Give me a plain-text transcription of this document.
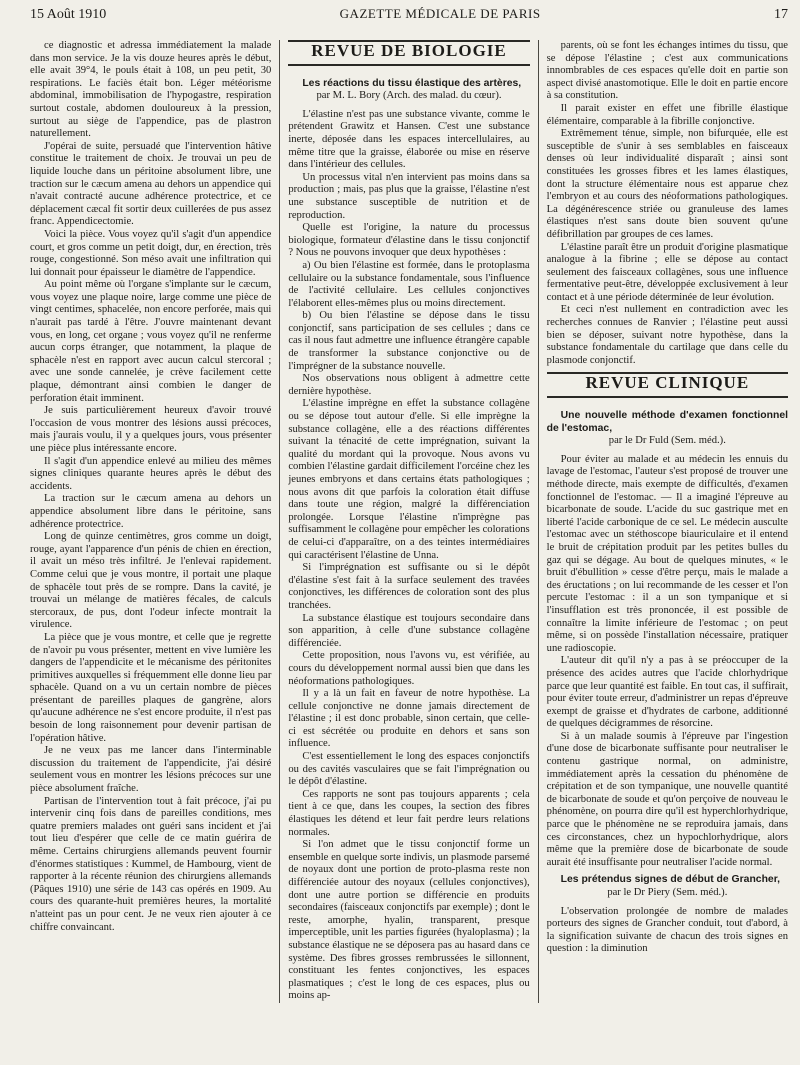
15 Août 1910	GAZETTE MÉDICALE DE PARIS	17

ce diagnostic et adressa immédiatement la malade dans mon service. Je la vis douze heures après le début, elle avait 39°4, le pouls était à 108, un peu petit, 30 respirations. Le faciès était bon. Léger météorisme abdominal, immobilisation de l'hypogastre, respiration surtout costale, abdomen douloureux à la pression, surtout au siège de l'appendice, pas de plastron naturellement.

J'opérai de suite, persuadé que l'intervention hâtive constitue le traitement de choix. Je trouvai un peu de liquide louche dans un péritoine absolument libre, une traction sur le cæcum amena au dehors un appendice qui n'avait contracté aucune adhérence protectrice, et ce déplacement cæcal fit sortir deux cuillerées de pus assez franc. Appendicectomie.

Voici la pièce. Vous voyez qu'il s'agit d'un appendice court, et gros comme un petit doigt, dur, en érection, très rouge, congestionné. Son méso avait une infiltration qui lui donnait pour épaisseur le diamètre de l'appendice.

Au point même où l'organe s'implante sur le cæcum, vous voyez une plaque noire, large comme une pièce de vingt centimes, sphacelée, non encore perforée, mais qui n'aurait pas tardé à l'être. J'ouvre maintenant devant vous, en long, cet organe ; vous voyez qu'il ne renferme aucun corps étranger, que notamment, la plaque de sphacèle n'est en rapport avec aucun calcul stercoral ; avec une sonde cannelée, je crève facilement cette plaque, démontrant ainsi combien le danger de perforation était imminent.

Je suis particulièrement heureux d'avoir trouvé l'occasion de vous montrer des lésions aussi précoces, mais j'aurais voulu, il y a quelques jours, vous présenter une pièce plus intéressante encore.

Il s'agit d'un appendice enlevé au milieu des mêmes signes cliniques quarante heures après le début des accidents.

La traction sur le cæcum amena au dehors un appendice absolument libre dans le péritoine, sans adhérence protectrice.

Long de quinze centimètres, gros comme un doigt, rouge, ayant l'apparence d'un pénis de chien en érection, il avait un méso très infiltré. Je l'enlevai rapidement. Comme celui que je vous montre, il portait une plaque de sphacèle tout près de se rompre. Dans la cavité, je trouvai un mélange de matières fécales, de calculs stercoraux, de pus, dont l'odeur infecte montrait la virulence.

La pièce que je vous montre, et celle que je regrette de n'avoir pu vous présenter, mettent en vive lumière les dangers de l'appendicite et le mécanisme des péritonites primitives auxquelles si fréquemment elle donne lieu par sphacèle. Quand on a vu un certain nombre de pièces présentant de pareilles plaques de gangrène, alors qu'aucune adhérence ne s'est encore produite, il n'est pas besoin de long raisonnement pour devenir partisan de l'opération hâtive.

Je ne veux pas me lancer dans l'interminable discussion du traitement de l'appendicite, j'ai désiré seulement vous en montrer les lésions précoces sur une pièce absolument fraîche.

Partisan de l'intervention tout à fait précoce, j'ai pu intervenir cinq fois dans de pareilles conditions, mes quatre premiers malades ont guéri sans incident et j'ai tout lieu d'espérer que celle de ce matin guérira de même. Certains chirurgiens allemands peuvent fournir d'énormes statistiques : Kummel, de Hambourg, vient de rapporter à la récente réunion des chirurgiens allemands (Pâques 1910) une série de 143 cas opérés en 1909. Au cours des quarante-huit premières heures, la mortalité n'atteint pas un pour cent. Je ne veux rien ajouter à ce chiffre convaincant.

REVUE DE BIOLOGIE

Les réactions du tissu élastique des artères,

par M. L. Bory (Arch. des malad. du cœur).

L'élastine n'est pas une substance vivante, comme le prétendent Grawitz et Hansen. C'est une substance inerte, déposée dans les espaces intercellulaires, au même titre que la graisse, élaborée ou mise en réserve dans l'intérieur des cellules.

Un processus vital n'en intervient pas moins dans sa production ; mais, pas plus que la graisse, l'élastine n'est une substance susceptible de nutrition et de reproduction.

Quelle est l'origine, la nature du processus biologique, formateur d'élastine dans le tissu conjonctif ? Nous ne pouvons invoquer que deux hypothèses :

a) Ou bien l'élastine est formée, dans le protoplasma cellulaire ou la substance fondamentale, sous l'influence de l'activité cellulaire. Les cellules conjonctives l'élaborent elles-mêmes plus ou moins directement.

b) Ou bien l'élastine se dépose dans le tissu conjonctif, sans participation de ses cellules ; dans ce cas il nous faut admettre une influence étrangère capable de transformer la substance conjonctive ou de l'imprégner de la substance nouvelle.

Nos observations nous obligent à admettre cette dernière hypothèse.

L'élastine imprègne en effet la substance collagène ou se dépose tout autour d'elle. Si elle imprègne la substance collagène, elle a des réactions différentes suivant la ténacité de cette imprégnation, suivant la qualité du mordant qui la provoque. Nous avons vu combien l'élastine gardait difficilement l'orcéine chez les jeunes embryons et dans certains états pathologiques ; nous avons dit que parfois la coloration était diffuse dans toute une région, malgré la différenciation prolongée. Lorsque l'élastine n'imprègne pas suffisamment le collagène pour empêcher les colorations de celui-ci d'apparaître, on a des teintes intermédiaires qui caractérisent l'élastine de Unna.

Si l'imprégnation est suffisante ou si le dépôt d'élastine s'est fait à la surface seulement des travées conjonctives, les différences de coloration sont des plus tranchées.

La substance élastique est toujours secondaire dans son apparition, à celle d'une substance collagène différenciée.

Cette proposition, nous l'avons vu, est vérifiée, au cours du développement normal aussi bien que dans les néoformations pathologiques.

Il y a là un fait en faveur de notre hypothèse. La cellule conjonctive ne donne jamais directement de l'élastine ; il est donc probable, sinon certain, que celle-ci est sécrétée ou produite en dehors et sans son influence.

C'est essentiellement le long des espaces conjonctifs ou des cavités vasculaires que se fait l'imprégnation ou le dépôt d'élastine.

Ces rapports ne sont pas toujours apparents ; cela tient à ce que, dans les coupes, la section des fibres élastiques les détend et leur fait perdre leurs relations normales.

Si l'on admet que le tissu conjonctif forme un ensemble en quelque sorte indivis, un plasmode parsemé de noyaux dont une portion de proto-plasma reste non différenciée autour des noyaux (cellules conjonctives), dont une autre portion se différencie en produits secondaires (faisceaux conjonctifs par exemple) ; dont le reste, amorphe, hyalin, transparent, presque imperceptible, unit les parties figurées (hyaloplasma) ; la substance élastique ne se déposera pas au hasard dans ce système. Des fibres grosses rembrussées le sillonnent, constituant les fentes conjonctives, les espaces plasmatiques ; c'est le long de ces espaces, plus ou moins ap-

parents, où se font les échanges intimes du tissu, que se dépose l'élastine ; c'est aux communications innombrables de ces espaces qu'elle doit en partie son aspect divisé anastomotique. Elle le doit en partie encore à sa constitution.

Il parait exister en effet une fibrille élastique élémentaire, comparable à la fibrille conjonctive.

Extrêmement ténue, simple, non bifurquée, elle est susceptible de s'unir à ses semblables en faisceaux denses où leur individualité disparaît ; ainsi sont constituées les grosses fibres et les lames élastiques, dont la structure élémentaire nous est apparue chez l'embryon et au cours des néoformations pathologiques. La dégénérescence striée ou granuleuse des lames élastiques n'est sans doute bien souvent qu'une défibrillation par groupes de ces lames.

L'élastine paraît être un produit d'origine plasmatique analogue à la fibrine ; elle se dépose au contact seulement des faisceaux collagènes, sous une influence fermentative peut-être, développée exclusivement à leur contact et à une période déterminée de leur évolution.

Et ceci n'est nullement en contradiction avec les recherches connues de Ranvier ; l'élastine peut aussi bien se déposer, suivant notre hypothèse, dans la substance fondamentale du cartilage que dans celle du plasmode conjonctif.

REVUE CLINIQUE

Une nouvelle méthode d'examen fonctionnel de l'estomac,

par le Dr Fuld (Sem. méd.).

Pour éviter au malade et au médecin les ennuis du lavage de l'estomac, l'auteur s'est proposé de trouver une méthode directe, mais exempte de difficultés, d'examen fonctionnel de l'estomac. — Il a imaginé l'épreuve au bicarbonate de soude. L'acide du suc gastrique met en liberté l'acide carbonique de ce sel. Le médecin ausculte l'estomac avec un stéthoscope biauriculaire et il entend le bruit de crépitation produit par les petites bulles du gaz qui se dégage. Au bout de quelques minutes, « le bruit d'ébullition » cesse d'être perçu, mais le malade a des éructations ; on lui recommande de les cesser et l'on percute l'estomac : il a un son tympanique et si l'insufflation est très prononcée, il est possible de connaître la limite inférieure de l'estomac ; on peut même, si on possède l'installation nécessaire, pratiquer une radioscopie.

L'auteur dit qu'il n'y a pas à se préoccuper de la présence des acides autres que l'acide chlorhydrique parce que leur quantité est faible. En tout cas, il suffirait, pour éviter toute erreur, d'administrer un repas d'épreuve exempt de graisse et d'hydrates de carbone, additionné de quelques décigrammes de résorcine.

Si à un malade soumis à l'épreuve par l'ingestion d'une dose de bicarbonate suffisante pour neutraliser le contenu gastrique normal, on administre, immédiatement après la cessation du phénomène de crépitation et de son tympanique, une nouvelle quantité de bicarbonate de soude et qu'on perçoive de nouveau le phénomène, on pourra dire qu'il est hyperchlorhydrique, parce que le phénomène ne se reproduira jamais, dans ces circonstances, chez un hypochlorhydrique, alors même que la première dose de bicarbonate de soude aurait été insuffisante pour neutraliser l'acide normal.

Les prétendus signes de début de Grancher,

par le Dr Piery (Sem. méd.).

L'observation prolongée de nombre de malades porteurs des signes de Grancher conduit, tout d'abord, à la signification suivante de chacun des trois signes en question : la diminution
